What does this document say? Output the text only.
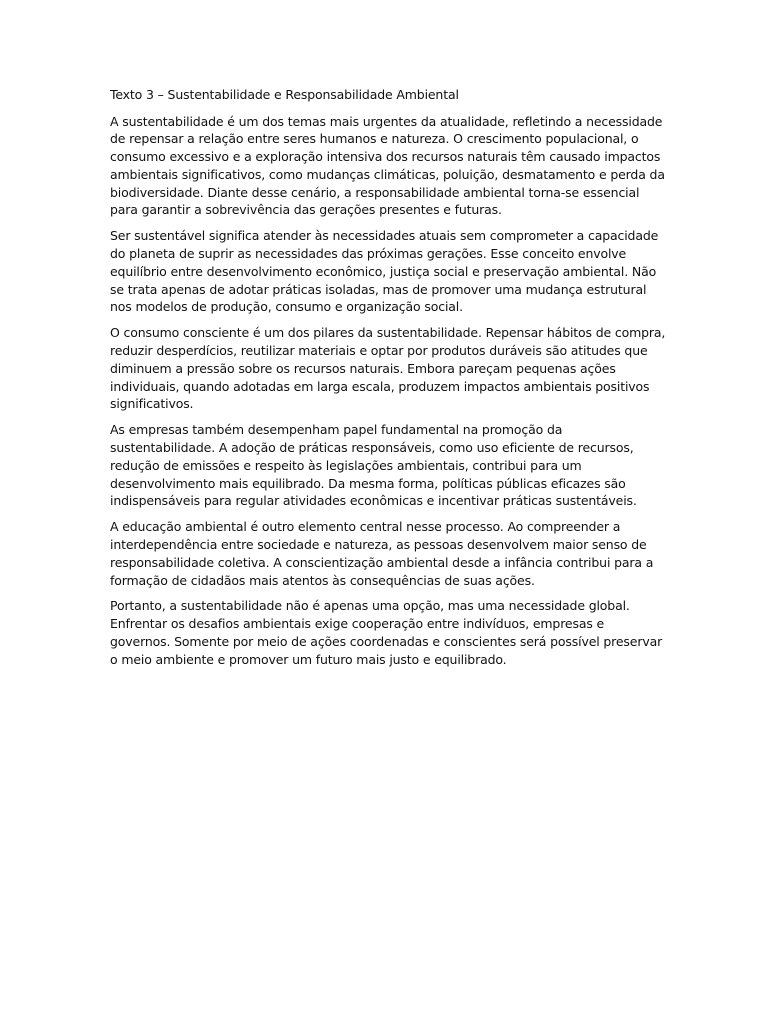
Texto 3 – Sustentabilidade e Responsabilidade Ambiental

A sustentabilidade é um dos temas mais urgentes da atualidade, refletindo a necessidade de repensar a relação entre seres humanos e natureza. O crescimento populacional, o consumo excessivo e a exploração intensiva dos recursos naturais têm causado impactos ambientais significativos, como mudanças climáticas, poluição, desmatamento e perda da biodiversidade. Diante desse cenário, a responsabilidade ambiental torna-se essencial para garantir a sobrevivência das gerações presentes e futuras.

Ser sustentável significa atender às necessidades atuais sem comprometer a capacidade do planeta de suprir as necessidades das próximas gerações. Esse conceito envolve equilíbrio entre desenvolvimento econômico, justiça social e preservação ambiental. Não se trata apenas de adotar práticas isoladas, mas de promover uma mudança estrutural nos modelos de produção, consumo e organização social.

O consumo consciente é um dos pilares da sustentabilidade. Repensar hábitos de compra, reduzir desperdícios, reutilizar materiais e optar por produtos duráveis são atitudes que diminuem a pressão sobre os recursos naturais. Embora pareçam pequenas ações individuais, quando adotadas em larga escala, produzem impactos ambientais positivos significativos.

As empresas também desempenham papel fundamental na promoção da sustentabilidade. A adoção de práticas responsáveis, como uso eficiente de recursos, redução de emissões e respeito às legislações ambientais, contribui para um desenvolvimento mais equilibrado. Da mesma forma, políticas públicas eficazes são indispensáveis para regular atividades econômicas e incentivar práticas sustentáveis.

A educação ambiental é outro elemento central nesse processo. Ao compreender a interdependência entre sociedade e natureza, as pessoas desenvolvem maior senso de responsabilidade coletiva. A conscientização ambiental desde a infância contribui para a formação de cidadãos mais atentos às consequências de suas ações.

Portanto, a sustentabilidade não é apenas uma opção, mas uma necessidade global. Enfrentar os desafios ambientais exige cooperação entre indivíduos, empresas e governos. Somente por meio de ações coordenadas e conscientes será possível preservar o meio ambiente e promover um futuro mais justo e equilibrado.
